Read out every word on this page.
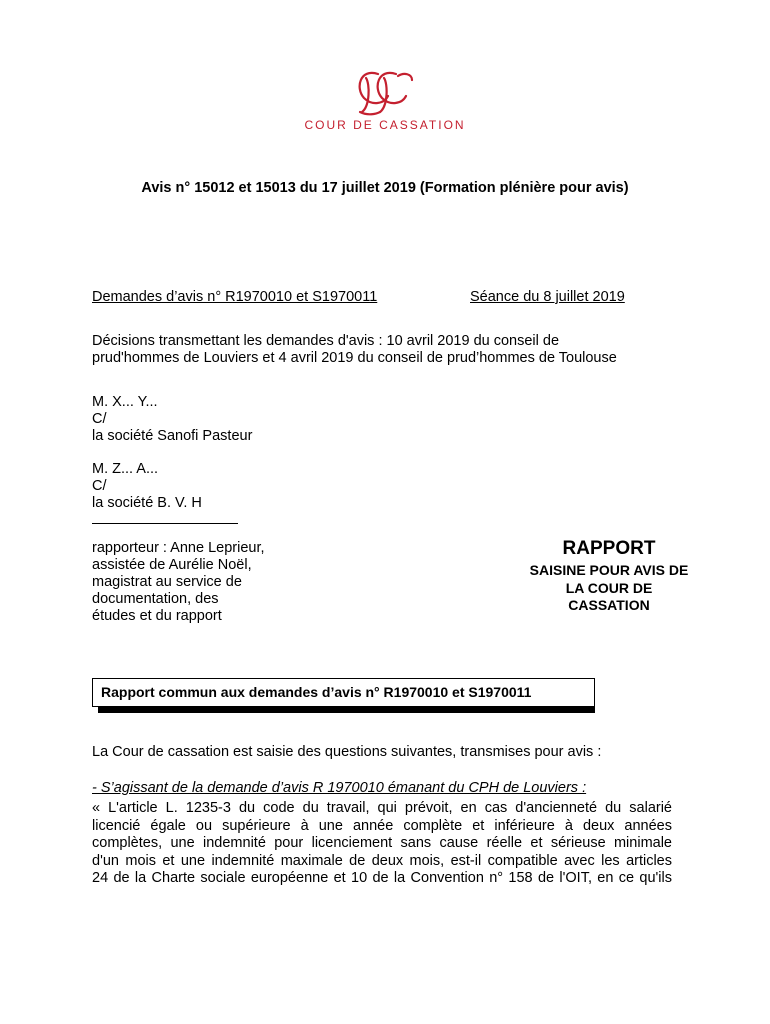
COUR DE CASSATION
Avis n° 15012 et 15013 du 17 juillet 2019 (Formation plénière pour avis)
Demandes d’avis n° R1970010 et S1970011	Séance du 8 juillet 2019
Décisions transmettant les demandes d'avis : 10 avril 2019 du conseil de
prud'hommes de Louviers et 4 avril 2019 du conseil de prud’hommes de Toulouse
M. X... Y...
C/
la société Sanofi Pasteur
M. Z... A...
C/
la société B. V. H
rapporteur : Anne Leprieur,
assistée de Aurélie Noël,
magistrat au service de
documentation, des
études et du rapport
RAPPORT
SAISINE POUR AVIS DE
LA COUR DE
CASSATION
Rapport commun aux demandes d’avis n° R1970010 et S1970011
La Cour de cassation est saisie des questions suivantes, transmises pour avis :
- S’agissant de la demande d’avis R 1970010 émanant du CPH de Louviers :
« L'article L. 1235-3 du code du travail, qui prévoit, en cas d'ancienneté du salarié
licencié égale ou supérieure à une année complète et inférieure à deux années
complètes, une indemnité pour licenciement sans cause réelle et sérieuse minimale
d'un mois et une indemnité maximale de deux mois, est-il compatible avec les articles
24 de la Charte sociale européenne et 10 de la Convention n° 158 de l'OIT, en ce qu'ils
